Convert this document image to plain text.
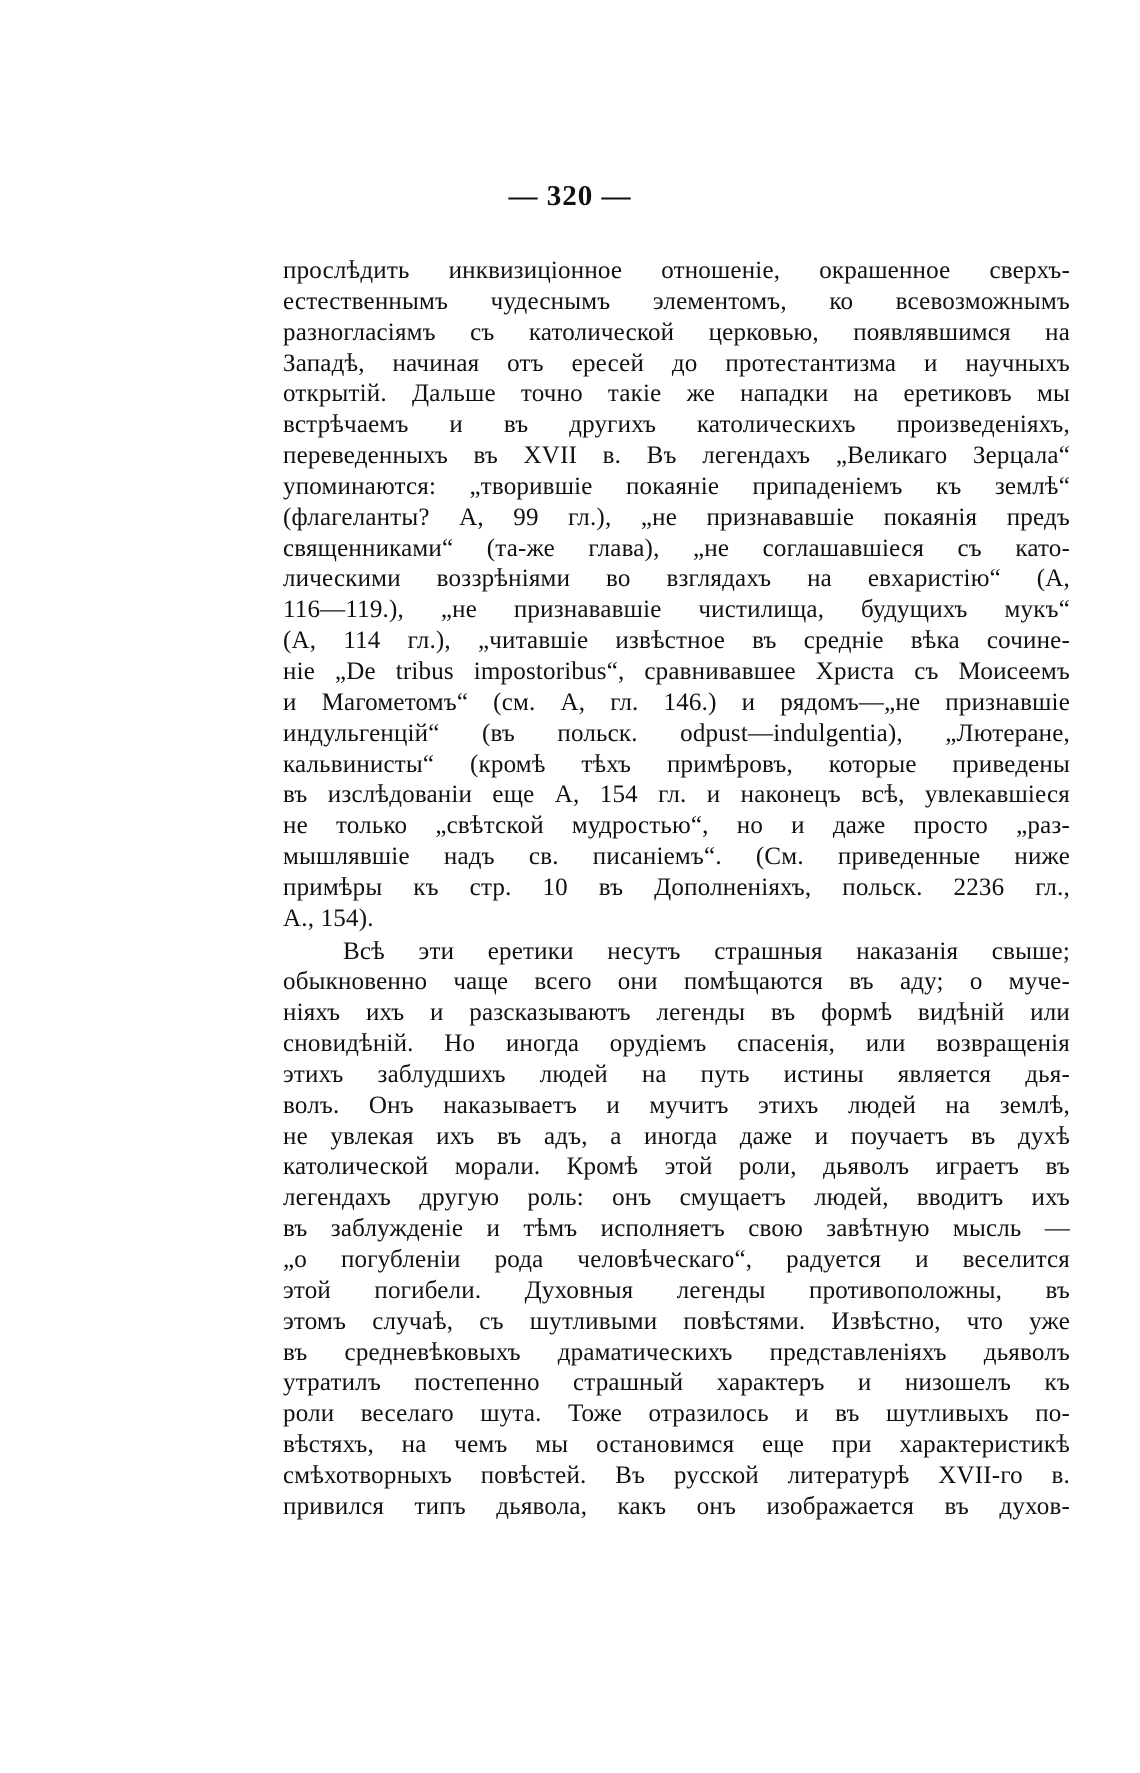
— 320 —
прослѣдить инквизиціонное отношеніе, окрашенное сверхъ-
естественнымъ чудеснымъ элементомъ, ко всевозможнымъ
разногласіямъ съ католической церковью, появлявшимся на
Западѣ, начиная отъ ересей до протестантизма и научныхъ
открытій. Дальше точно такіе же нападки на еретиковъ мы
встрѣчаемъ и въ другихъ католическихъ произведеніяхъ,
переведенныхъ въ XVII в. Въ легендахъ „Великаго Зерцала“
упоминаются: „творившіе покаяніе припаденіемъ къ землѣ“
(флагеланты? А, 99 гл.), „не признававшіе покаянія предъ
священниками“ (та-же глава), „не соглашавшіеся съ като-
лическими воззрѣніями во взглядахъ на евхаристію“ (А,
116—119.), „не признававшіе чистилища, будущихъ мукъ“
(А, 114 гл.), „читавшіе извѣстное въ средніе вѣка сочине-
ніе „De tribus impostoribus“, сравнивавшее Христа съ Моисеемъ
и Магометомъ“ (см. А, гл. 146.) и рядомъ—„не признавшіе
индульгенцій“ (въ польск. odpust—indulgentia), „Лютеране,
кальвинисты“ (кромѣ тѣхъ примѣровъ, которые приведены
въ изслѣдованіи еще А, 154 гл. и наконецъ всѣ, увлекавшіеся
не только „свѣтской мудростью“, но и даже просто „раз-
мышлявшіе надъ св. писаніемъ“. (См. приведенные ниже
примѣры къ стр. 10 въ Дополненіяхъ, польск. 2236 гл.,
А., 154).
Всѣ эти еретики несутъ страшныя наказанія свыше;
обыкновенно чаще всего они помѣщаются въ аду; о муче-
ніяхъ ихъ и разсказываютъ легенды въ формѣ видѣній или
сновидѣній. Но иногда орудіемъ спасенія, или возвращенія
этихъ заблудшихъ людей на путь истины является дья-
волъ. Онъ наказываетъ и мучитъ этихъ людей на землѣ,
не увлекая ихъ въ адъ, а иногда даже и поучаетъ въ духѣ
католической морали. Кромѣ этой роли, дьяволъ играетъ въ
легендахъ другую роль: онъ смущаетъ людей, вводитъ ихъ
въ заблужденіе и тѣмъ исполняетъ свою завѣтную мысль —
„о погубленіи рода человѣческаго“, радуется и веселится
этой погибели. Духовныя легенды противоположны, въ
этомъ случаѣ, съ шутливыми повѣстями. Извѣстно, что уже
въ средневѣковыхъ драматическихъ представленіяхъ дьяволъ
утратилъ постепенно страшный характеръ и низошелъ къ
роли веселаго шута. Тоже отразилось и въ шутливыхъ по-
вѣстяхъ, на чемъ мы остановимся еще при характеристикѣ
смѣхотворныхъ повѣстей. Въ русской литературѣ XVII-го в.
привился типъ дьявола, какъ онъ изображается въ духов-
